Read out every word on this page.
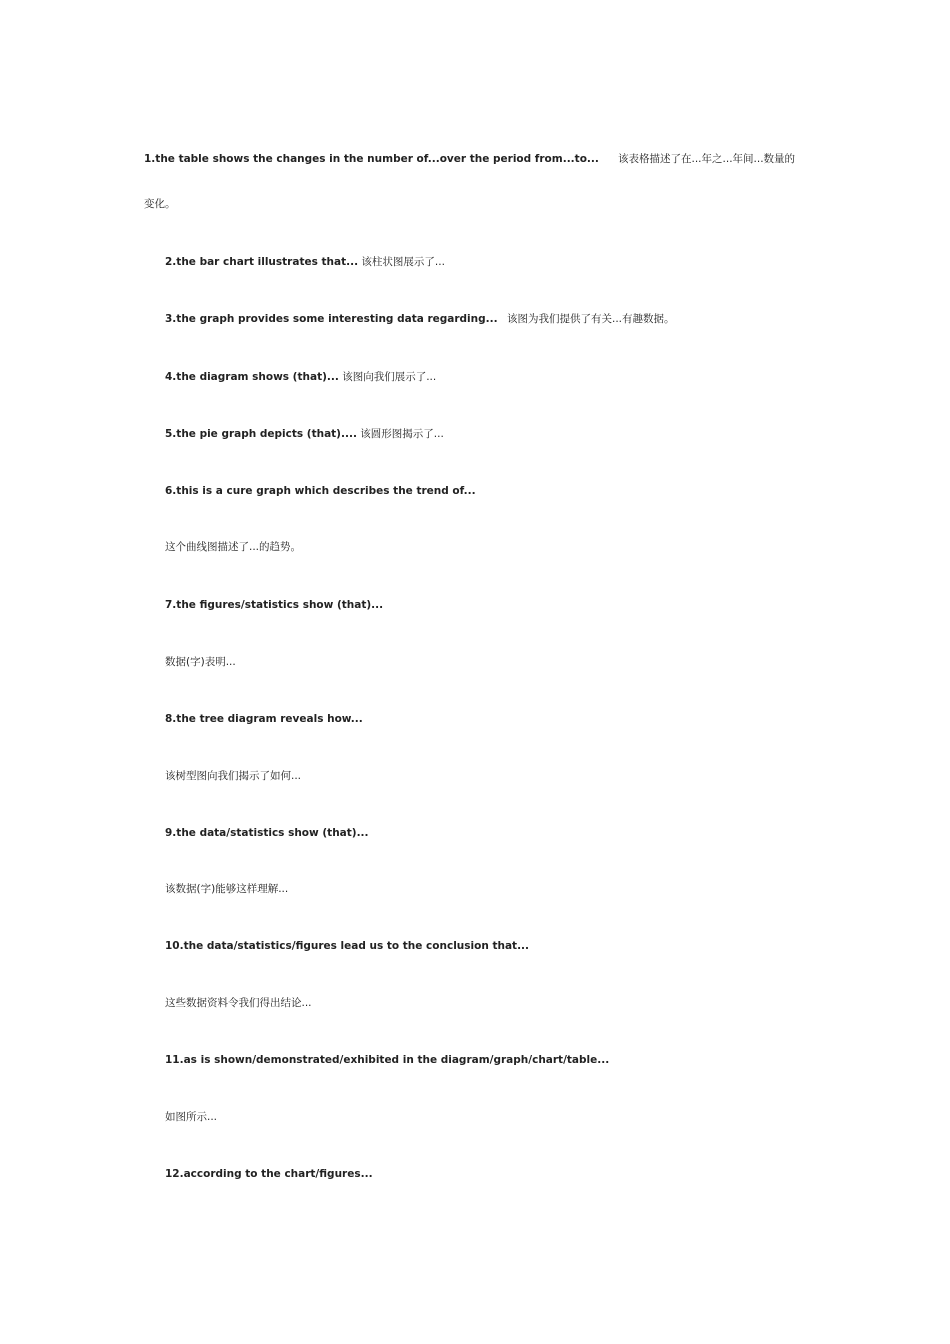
1.the table shows the changes in the number of...over the period from...to... 该表格描述了在...年之...年间...数量的
变化。
2.the bar chart illustrates that... 该柱状图展示了...
3.the graph provides some interesting data regarding... 该图为我们提供了有关...有趣数据。
4.the diagram shows (that)... 该图向我们展示了...
5.the pie graph depicts (that).... 该圆形图揭示了...
6.this is a cure graph which describes the trend of...
这个曲线图描述了...的趋势。
7.the figures/statistics show (that)...
数据(字)表明...
8.the tree diagram reveals how...
该树型图向我们揭示了如何...
9.the data/statistics show (that)...
该数据(字)能够这样理解...
10.the data/statistics/figures lead us to the conclusion that...
这些数据资料令我们得出结论...
11.as is shown/demonstrated/exhibited in the diagram/graph/chart/table...
如图所示...
12.according to the chart/figures...
